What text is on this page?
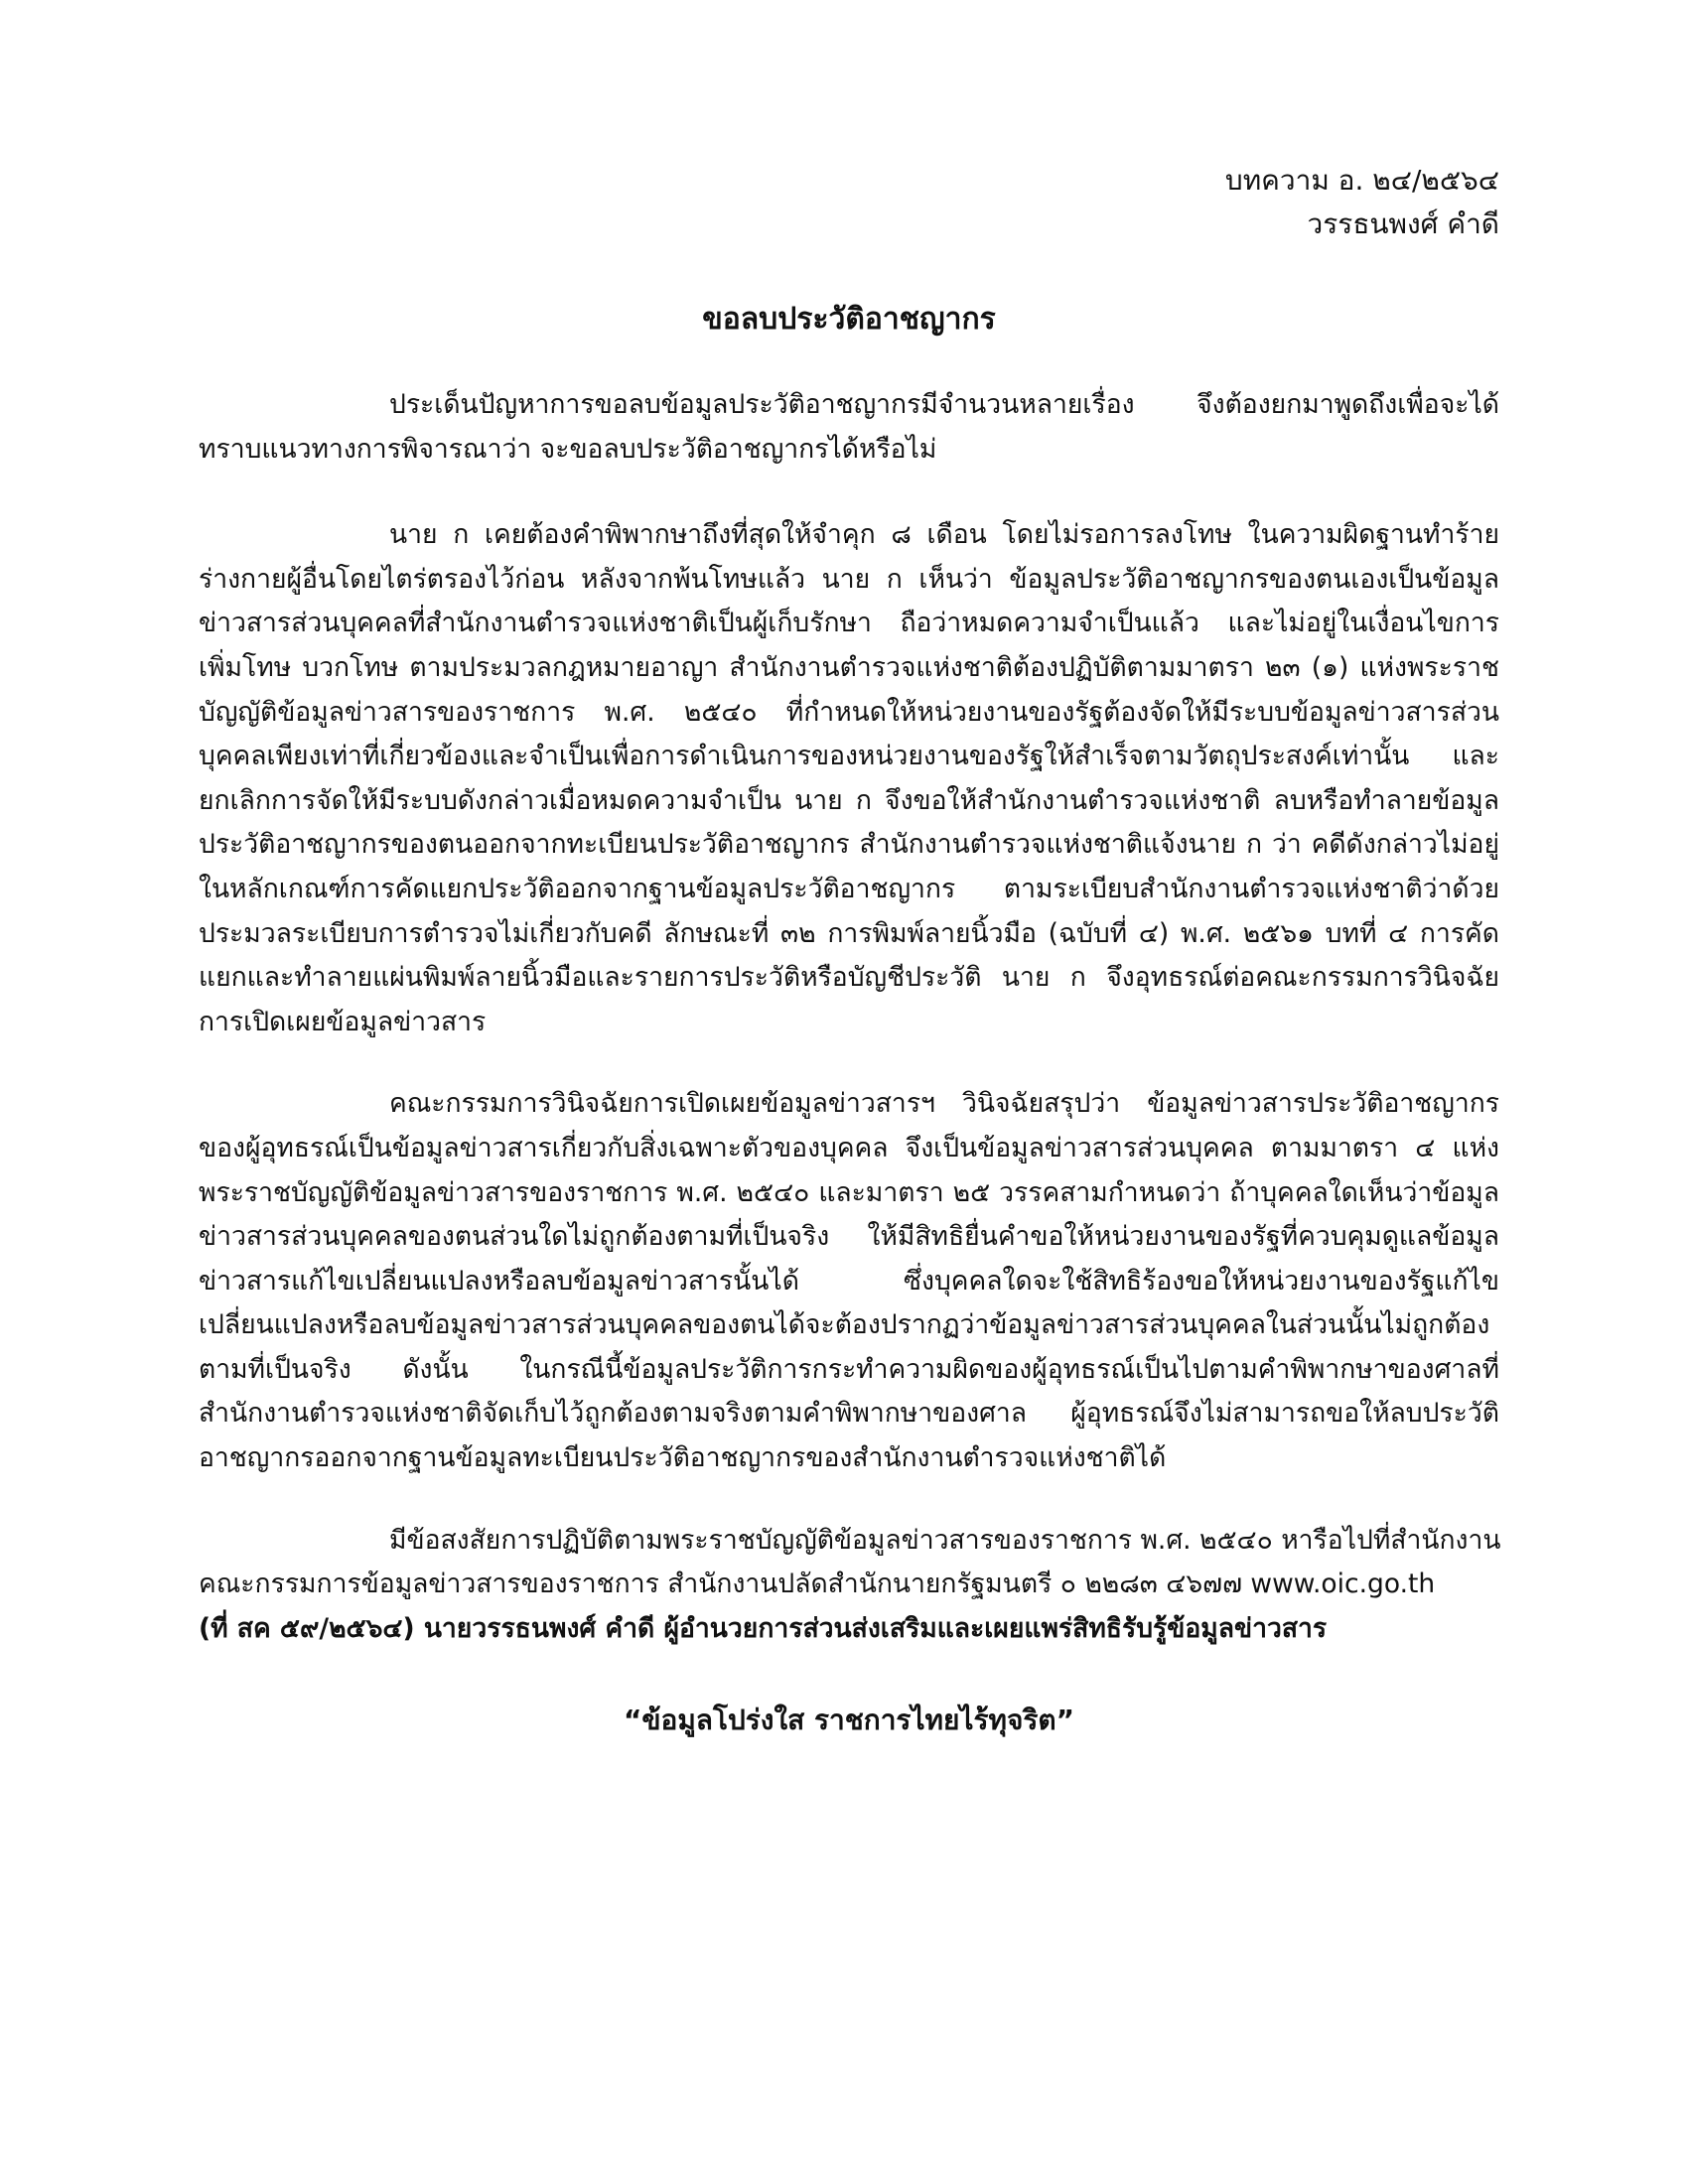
บทความ อ. ๒๔/๒๕๖๔
วรรธนพงศ์ คำดี
ขอลบประวัติอาชญากร

ประเด็นปัญหาการขอลบข้อมูลประวัติอาชญากรมีจำนวนหลายเรื่อง จึงต้องยกมาพูดถึงเพื่อจะได้ทราบแนวทางการพิจารณาว่า จะขอลบประวัติอาชญากรได้หรือไม่

นาย ก เคยต้องคำพิพากษาถึงที่สุดให้จำคุก ๘ เดือน โดยไม่รอการลงโทษ ในความผิดฐานทำร้ายร่างกายผู้อื่นโดยไตร่ตรองไว้ก่อน หลังจากพ้นโทษแล้ว นาย ก เห็นว่า ข้อมูลประวัติอาชญากรของตนเองเป็นข้อมูลข่าวสารส่วนบุคคลที่สำนักงานตำรวจแห่งชาติเป็นผู้เก็บรักษา ถือว่าหมดความจำเป็นแล้ว และไม่อยู่ในเงื่อนไขการเพิ่มโทษ บวกโทษ ตามประมวลกฎหมายอาญา สำนักงานตำรวจแห่งชาติต้องปฏิบัติตามมาตรา ๒๓ (๑) แห่งพระราชบัญญัติข้อมูลข่าวสารของราชการ พ.ศ. ๒๕๔๐ ที่กำหนดให้หน่วยงานของรัฐต้องจัดให้มีระบบข้อมูลข่าวสารส่วนบุคคลเพียงเท่าที่เกี่ยวข้องและจำเป็นเพื่อการดำเนินการของหน่วยงานของรัฐให้สำเร็จตามวัตถุประสงค์เท่านั้น และยกเลิกการจัดให้มีระบบดังกล่าวเมื่อหมดความจำเป็น นาย ก จึงขอให้สำนักงานตำรวจแห่งชาติ ลบหรือทำลายข้อมูลประวัติอาชญากรของตนออกจากทะเบียนประวัติอาชญากร สำนักงานตำรวจแห่งชาติแจ้งนาย ก ว่า คดีดังกล่าวไม่อยู่ในหลักเกณฑ์การคัดแยกประวัติออกจากฐานข้อมูลประวัติอาชญากร ตามระเบียบสำนักงานตำรวจแห่งชาติว่าด้วยประมวลระเบียบการตำรวจไม่เกี่ยวกับคดี ลักษณะที่ ๓๒ การพิมพ์ลายนิ้วมือ (ฉบับที่ ๔) พ.ศ. ๒๕๖๑ บทที่ ๔ การคัดแยกและทำลายแผ่นพิมพ์ลายนิ้วมือและรายการประวัติหรือบัญชีประวัติ นาย ก จึงอุทธรณ์ต่อคณะกรรมการวินิจฉัยการเปิดเผยข้อมูลข่าวสาร

คณะกรรมการวินิจฉัยการเปิดเผยข้อมูลข่าวสารฯ วินิจฉัยสรุปว่า ข้อมูลข่าวสารประวัติอาชญากรของผู้อุทธรณ์เป็นข้อมูลข่าวสารเกี่ยวกับสิ่งเฉพาะตัวของบุคคล จึงเป็นข้อมูลข่าวสารส่วนบุคคล ตามมาตรา ๔ แห่งพระราชบัญญัติข้อมูลข่าวสารของราชการ พ.ศ. ๒๕๔๐ และมาตรา ๒๕ วรรคสามกำหนดว่า ถ้าบุคคลใดเห็นว่าข้อมูลข่าวสารส่วนบุคคลของตนส่วนใดไม่ถูกต้องตามที่เป็นจริง ให้มีสิทธิยื่นคำขอให้หน่วยงานของรัฐที่ควบคุมดูแลข้อมูลข่าวสารแก้ไขเปลี่ยนแปลงหรือลบข้อมูลข่าวสารนั้นได้ ซึ่งบุคคลใดจะใช้สิทธิร้องขอให้หน่วยงานของรัฐแก้ไขเปลี่ยนแปลงหรือลบข้อมูลข่าวสารส่วนบุคคลของตนได้จะต้องปรากฏว่าข้อมูลข่าวสารส่วนบุคคลในส่วนนั้นไม่ถูกต้องตามที่เป็นจริง ดังนั้น ในกรณีนี้ข้อมูลประวัติการกระทำความผิดของผู้อุทธรณ์เป็นไปตามคำพิพากษาของศาลที่สำนักงานตำรวจแห่งชาติจัดเก็บไว้ถูกต้องตามจริงตามคำพิพากษาของศาล ผู้อุทธรณ์จึงไม่สามารถขอให้ลบประวัติอาชญากรออกจากฐานข้อมูลทะเบียนประวัติอาชญากรของสำนักงานตำรวจแห่งชาติได้

มีข้อสงสัยการปฏิบัติตามพระราชบัญญัติข้อมูลข่าวสารของราชการ พ.ศ. ๒๕๔๐ หารือไปที่สำนักงาน
คณะกรรมการข้อมูลข่าวสารของราชการ สำนักงานปลัดสำนักนายกรัฐมนตรี ๐ ๒๒๘๓ ๔๖๗๗ www.oic.go.th
(ที่ สค ๕๙/๒๕๖๔) นายวรรธนพงศ์ คำดี ผู้อำนวยการส่วนส่งเสริมและเผยแพร่สิทธิรับรู้ข้อมูลข่าวสาร
“ข้อมูลโปร่งใส ราชการไทยไร้ทุจริต”
